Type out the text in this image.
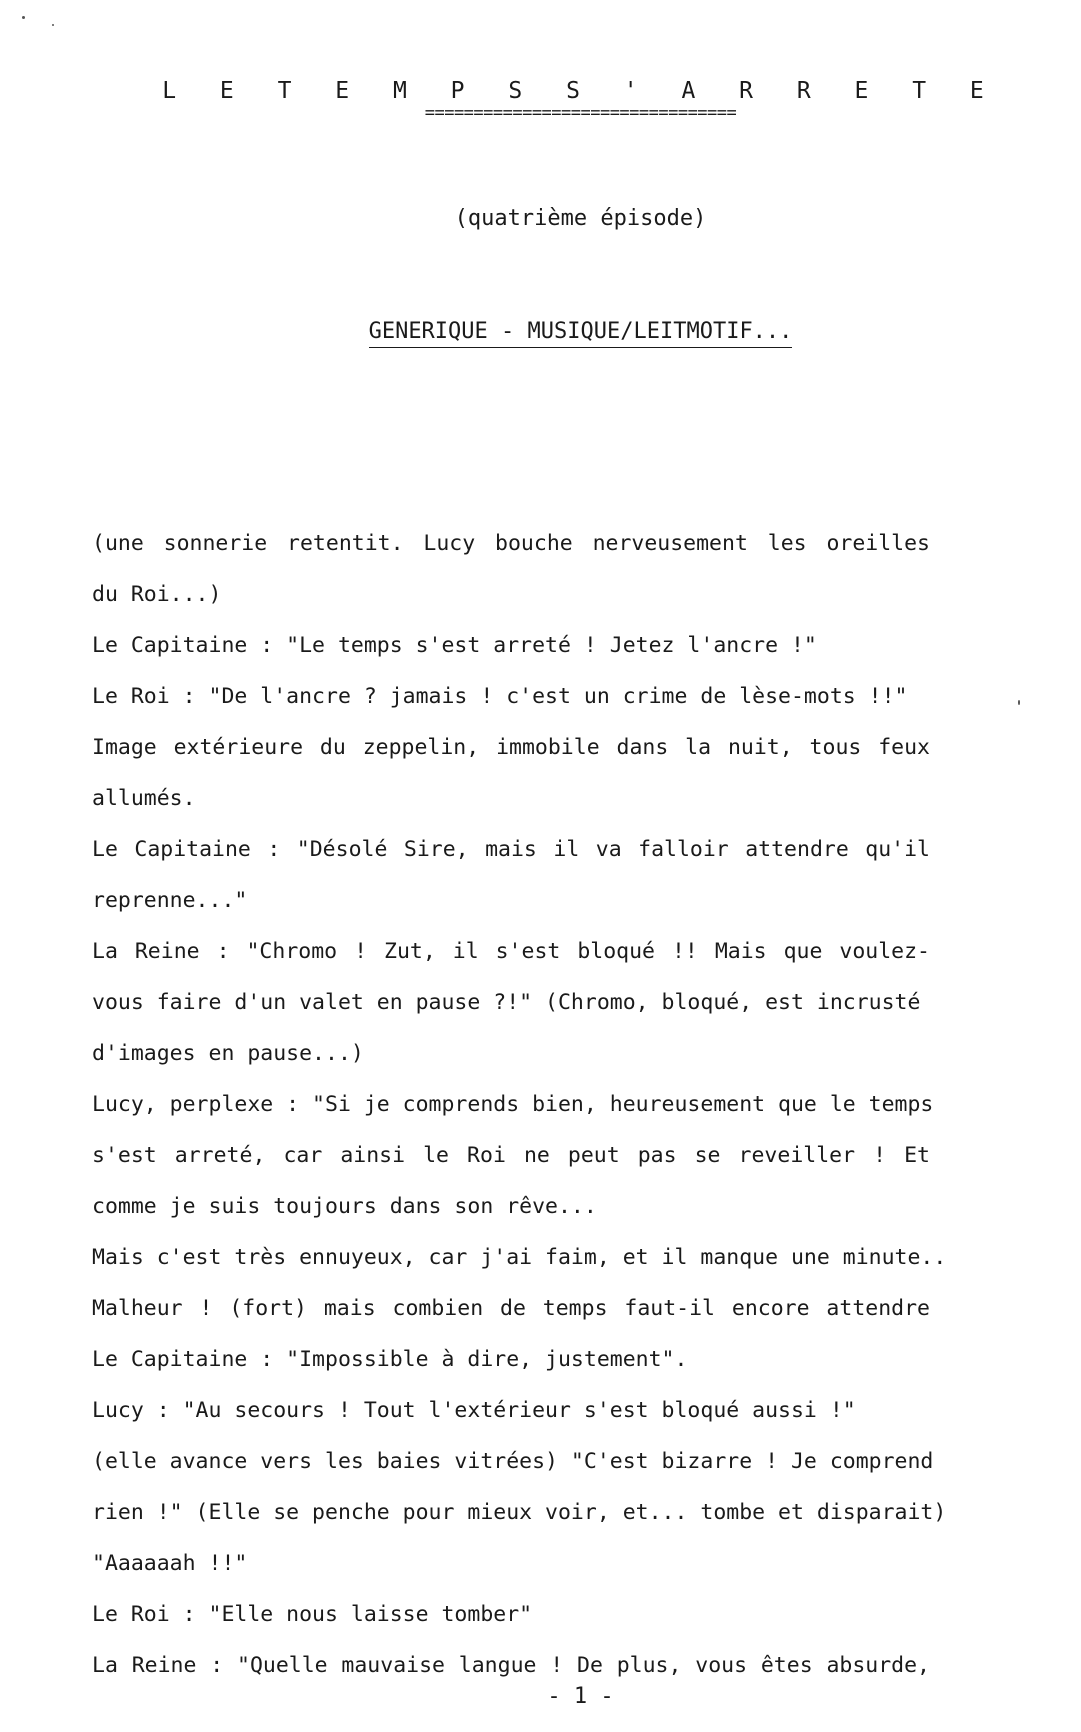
L E T E M P S S ' A R R E T E
================================
(quatrième épisode)
GENERIQUE - MUSIQUE/LEITMOTIF...
(une sonnerie retentit. Lucy bouche nerveusement les oreilles
du Roi...)
Le Capitaine : "Le temps s'est arreté ! Jetez l'ancre !"
Le Roi : "De l'ancre ? jamais ! c'est un crime de lèse-mots !!"
Image extérieure du zeppelin, immobile dans la nuit, tous feux
allumés.
Le Capitaine : "Désolé Sire, mais il va falloir attendre qu'il
reprenne..."
La Reine : "Chromo ! Zut, il s'est bloqué !! Mais que voulez-
vous faire d'un valet en pause ?!" (Chromo, bloqué, est incrusté
d'images en pause...)
Lucy, perplexe : "Si je comprends bien, heureusement que le temps
s'est arreté, car ainsi le Roi ne peut pas se reveiller ! Et
comme je suis toujours dans son rêve...
Mais c'est très ennuyeux, car j'ai faim, et il manque une minute..
Malheur ! (fort) mais combien de temps faut-il encore attendre
Le Capitaine : "Impossible à dire, justement".
Lucy : "Au secours ! Tout l'extérieur s'est bloqué aussi !"
(elle avance vers les baies vitrées) "C'est bizarre ! Je comprend
rien !" (Elle se penche pour mieux voir, et... tombe et disparait)
"Aaaaaah !!"
Le Roi : "Elle nous laisse tomber"
La Reine : "Quelle mauvaise langue ! De plus, vous êtes absurde,
- 1 -
